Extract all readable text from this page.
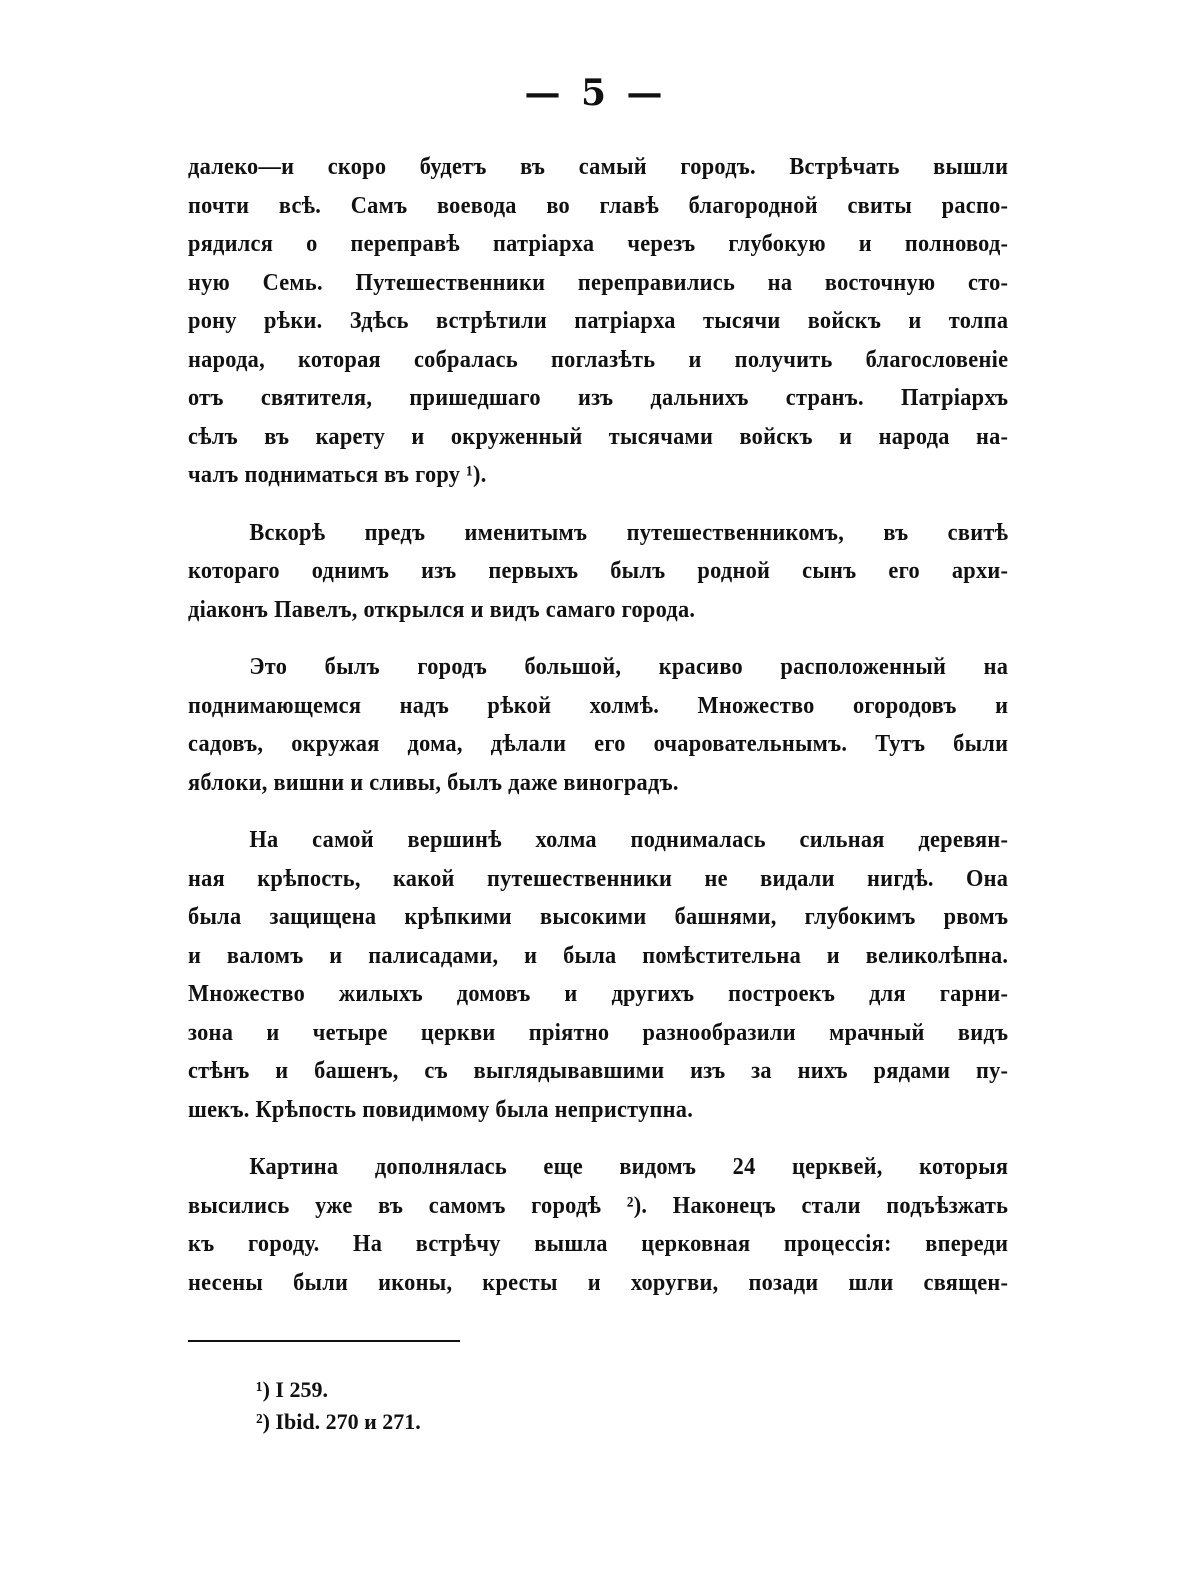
— 5 —
далеко—и скоро будетъ въ самый городъ. Встрѣчать вышли
почти всѣ. Самъ воевода во главѣ благородной свиты распо-
рядился о переправѣ патріарха черезъ глубокую и полновод-
ную Семь. Путешественники переправились на восточную сто-
рону рѣки. Здѣсь встрѣтили патріарха тысячи войскъ и толпа
народа, которая собралась поглазѣть и получить благословеніе
отъ святителя, пришедшаго изъ дальнихъ странъ. Патріархъ
сѣлъ въ карету и окруженный тысячами войскъ и народа на-
чалъ подниматься въ гору ¹).
Вскорѣ предъ именитымъ путешественникомъ, въ свитѣ
котораго однимъ изъ первыхъ былъ родной сынъ его архи-
діаконъ Павелъ, открылся и видъ самаго города.
Это былъ городъ большой, красиво расположенный на
поднимающемся надъ рѣкой холмѣ. Множество огородовъ и
садовъ, окружая дома, дѣлали его очаровательнымъ. Тутъ были
яблоки, вишни и сливы, былъ даже виноградъ.
На самой вершинѣ холма поднималась сильная деревян-
ная крѣпость, какой путешественники не видали нигдѣ. Она
была защищена крѣпкими высокими башнями, глубокимъ рвомъ
и валомъ и палисадами, и была помѣстительна и великолѣпна.
Множество жилыхъ домовъ и другихъ построекъ для гарни-
зона и четыре церкви пріятно разнообразили мрачный видъ
стѣнъ и башенъ, съ выглядывавшими изъ за нихъ рядами пу-
шекъ. Крѣпость повидимому была неприступна.
Картина дополнялась еще видомъ 24 церквей, которыя
высились уже въ самомъ городѣ ²). Наконецъ стали подъѣзжать
къ городу. На встрѣчу вышла церковная процессія: впереди
несены были иконы, кресты и хоругви, позади шли священ-
¹) I 259.
²) Ibid. 270 и 271.
